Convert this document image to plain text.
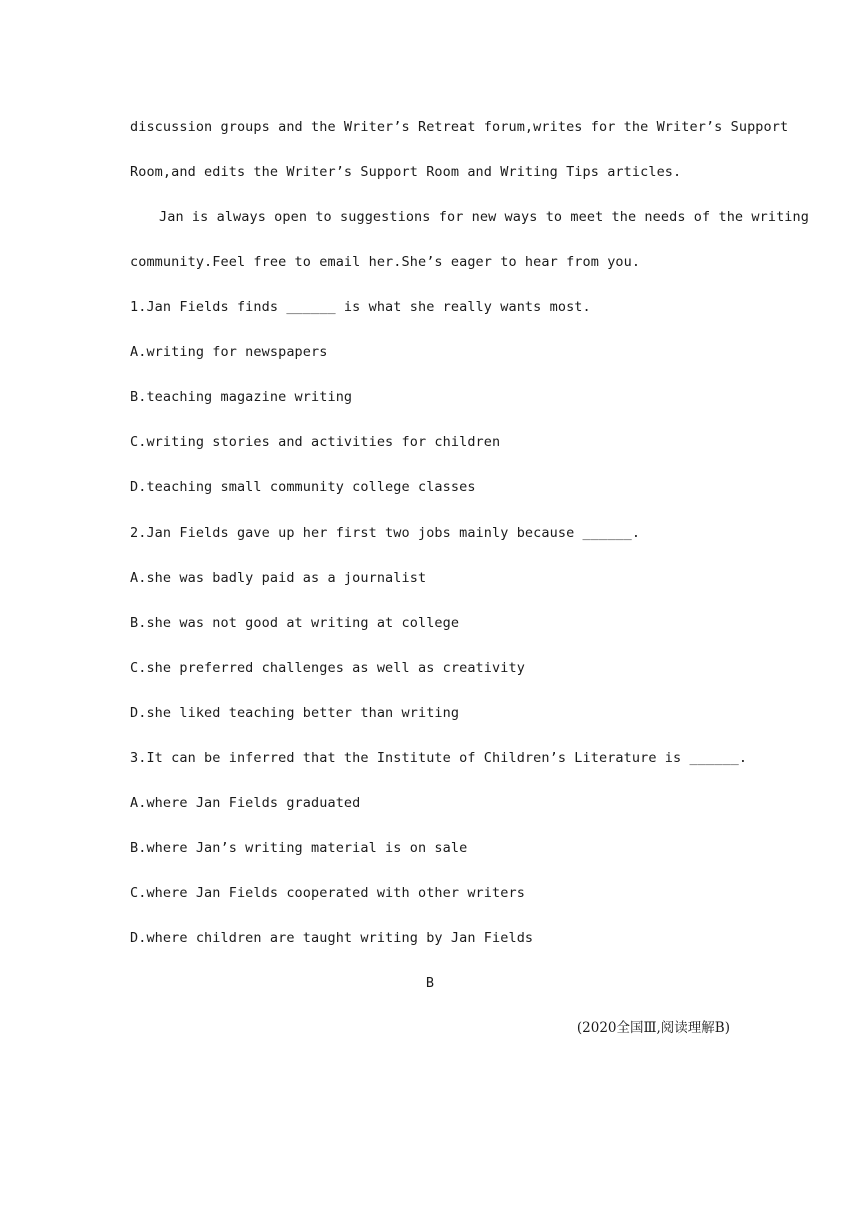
discussion groups and the Writer’s Retreat forum,writes for the Writer’s Support
Room,and edits the Writer’s Support Room and Writing Tips articles.
Jan is always open to suggestions for new ways to meet the needs of the writing
community.Feel free to email her.She’s eager to hear from you.
1.Jan Fields finds ______ is what she really wants most.
A.writing for newspapers
B.teaching magazine writing
C.writing stories and activities for children
D.teaching small community college classes
2.Jan Fields gave up her first two jobs mainly because ______.
A.she was badly paid as a journalist
B.she was not good at writing at college
C.she preferred challenges as well as creativity
D.she liked teaching better than writing
3.It can be inferred that the Institute of Children’s Literature is ______.
A.where Jan Fields graduated
B.where Jan’s writing material is on sale
C.where Jan Fields cooperated with other writers
D.where children are taught writing by Jan Fields
B
(2020全国Ⅲ,阅读理解B)
